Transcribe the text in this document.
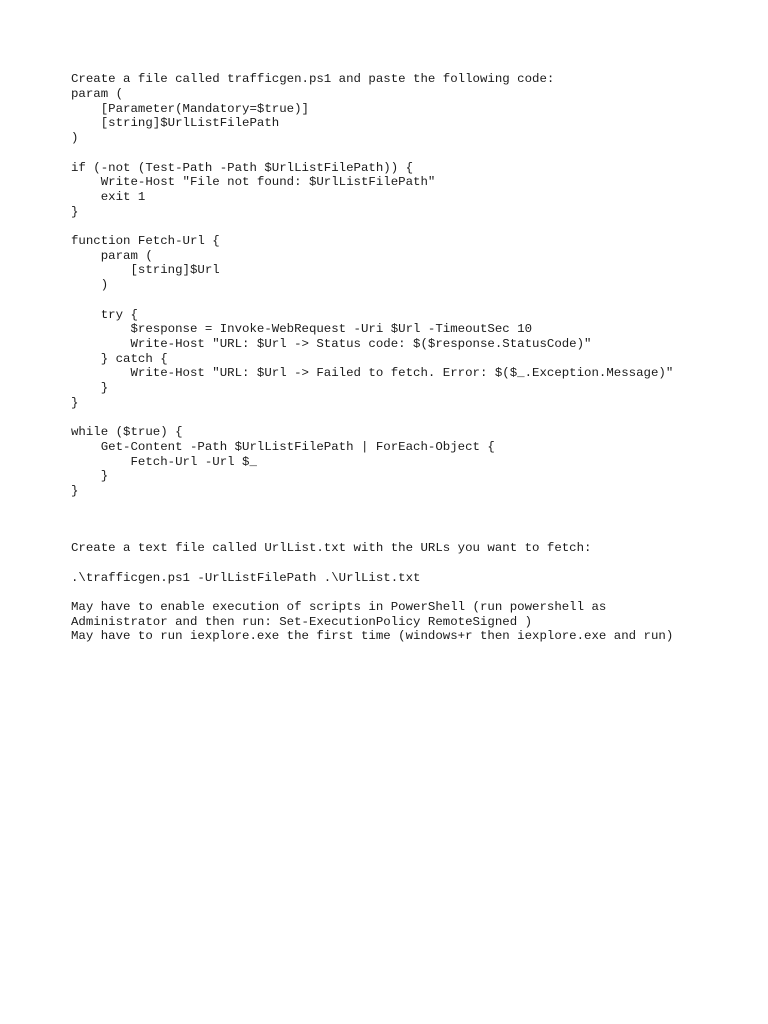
Create a file called trafficgen.ps1 and paste the following code:
param (
[Parameter(Mandatory=$true)]
[string]$UrlListFilePath
)

if (-not (Test-Path -Path $UrlListFilePath)) {
Write-Host "File not found: $UrlListFilePath"
exit 1
}

function Fetch-Url {
param (
[string]$Url
)

try {
$response = Invoke-WebRequest -Uri $Url -TimeoutSec 10
Write-Host "URL: $Url -> Status code: $($response.StatusCode)"
} catch {
Write-Host "URL: $Url -> Failed to fetch. Error: $($_.Exception.Message)"
}
}

while ($true) {
Get-Content -Path $UrlListFilePath | ForEach-Object {
Fetch-Url -Url $_
}
}
Create a text file called UrlList.txt with the URLs you want to fetch:
.\trafficgen.ps1 -UrlListFilePath .\UrlList.txt
May have to enable execution of scripts in PowerShell (run powershell as
Administrator and then run: Set-ExecutionPolicy RemoteSigned )
May have to run iexplore.exe the first time (windows+r then iexplore.exe and run)
